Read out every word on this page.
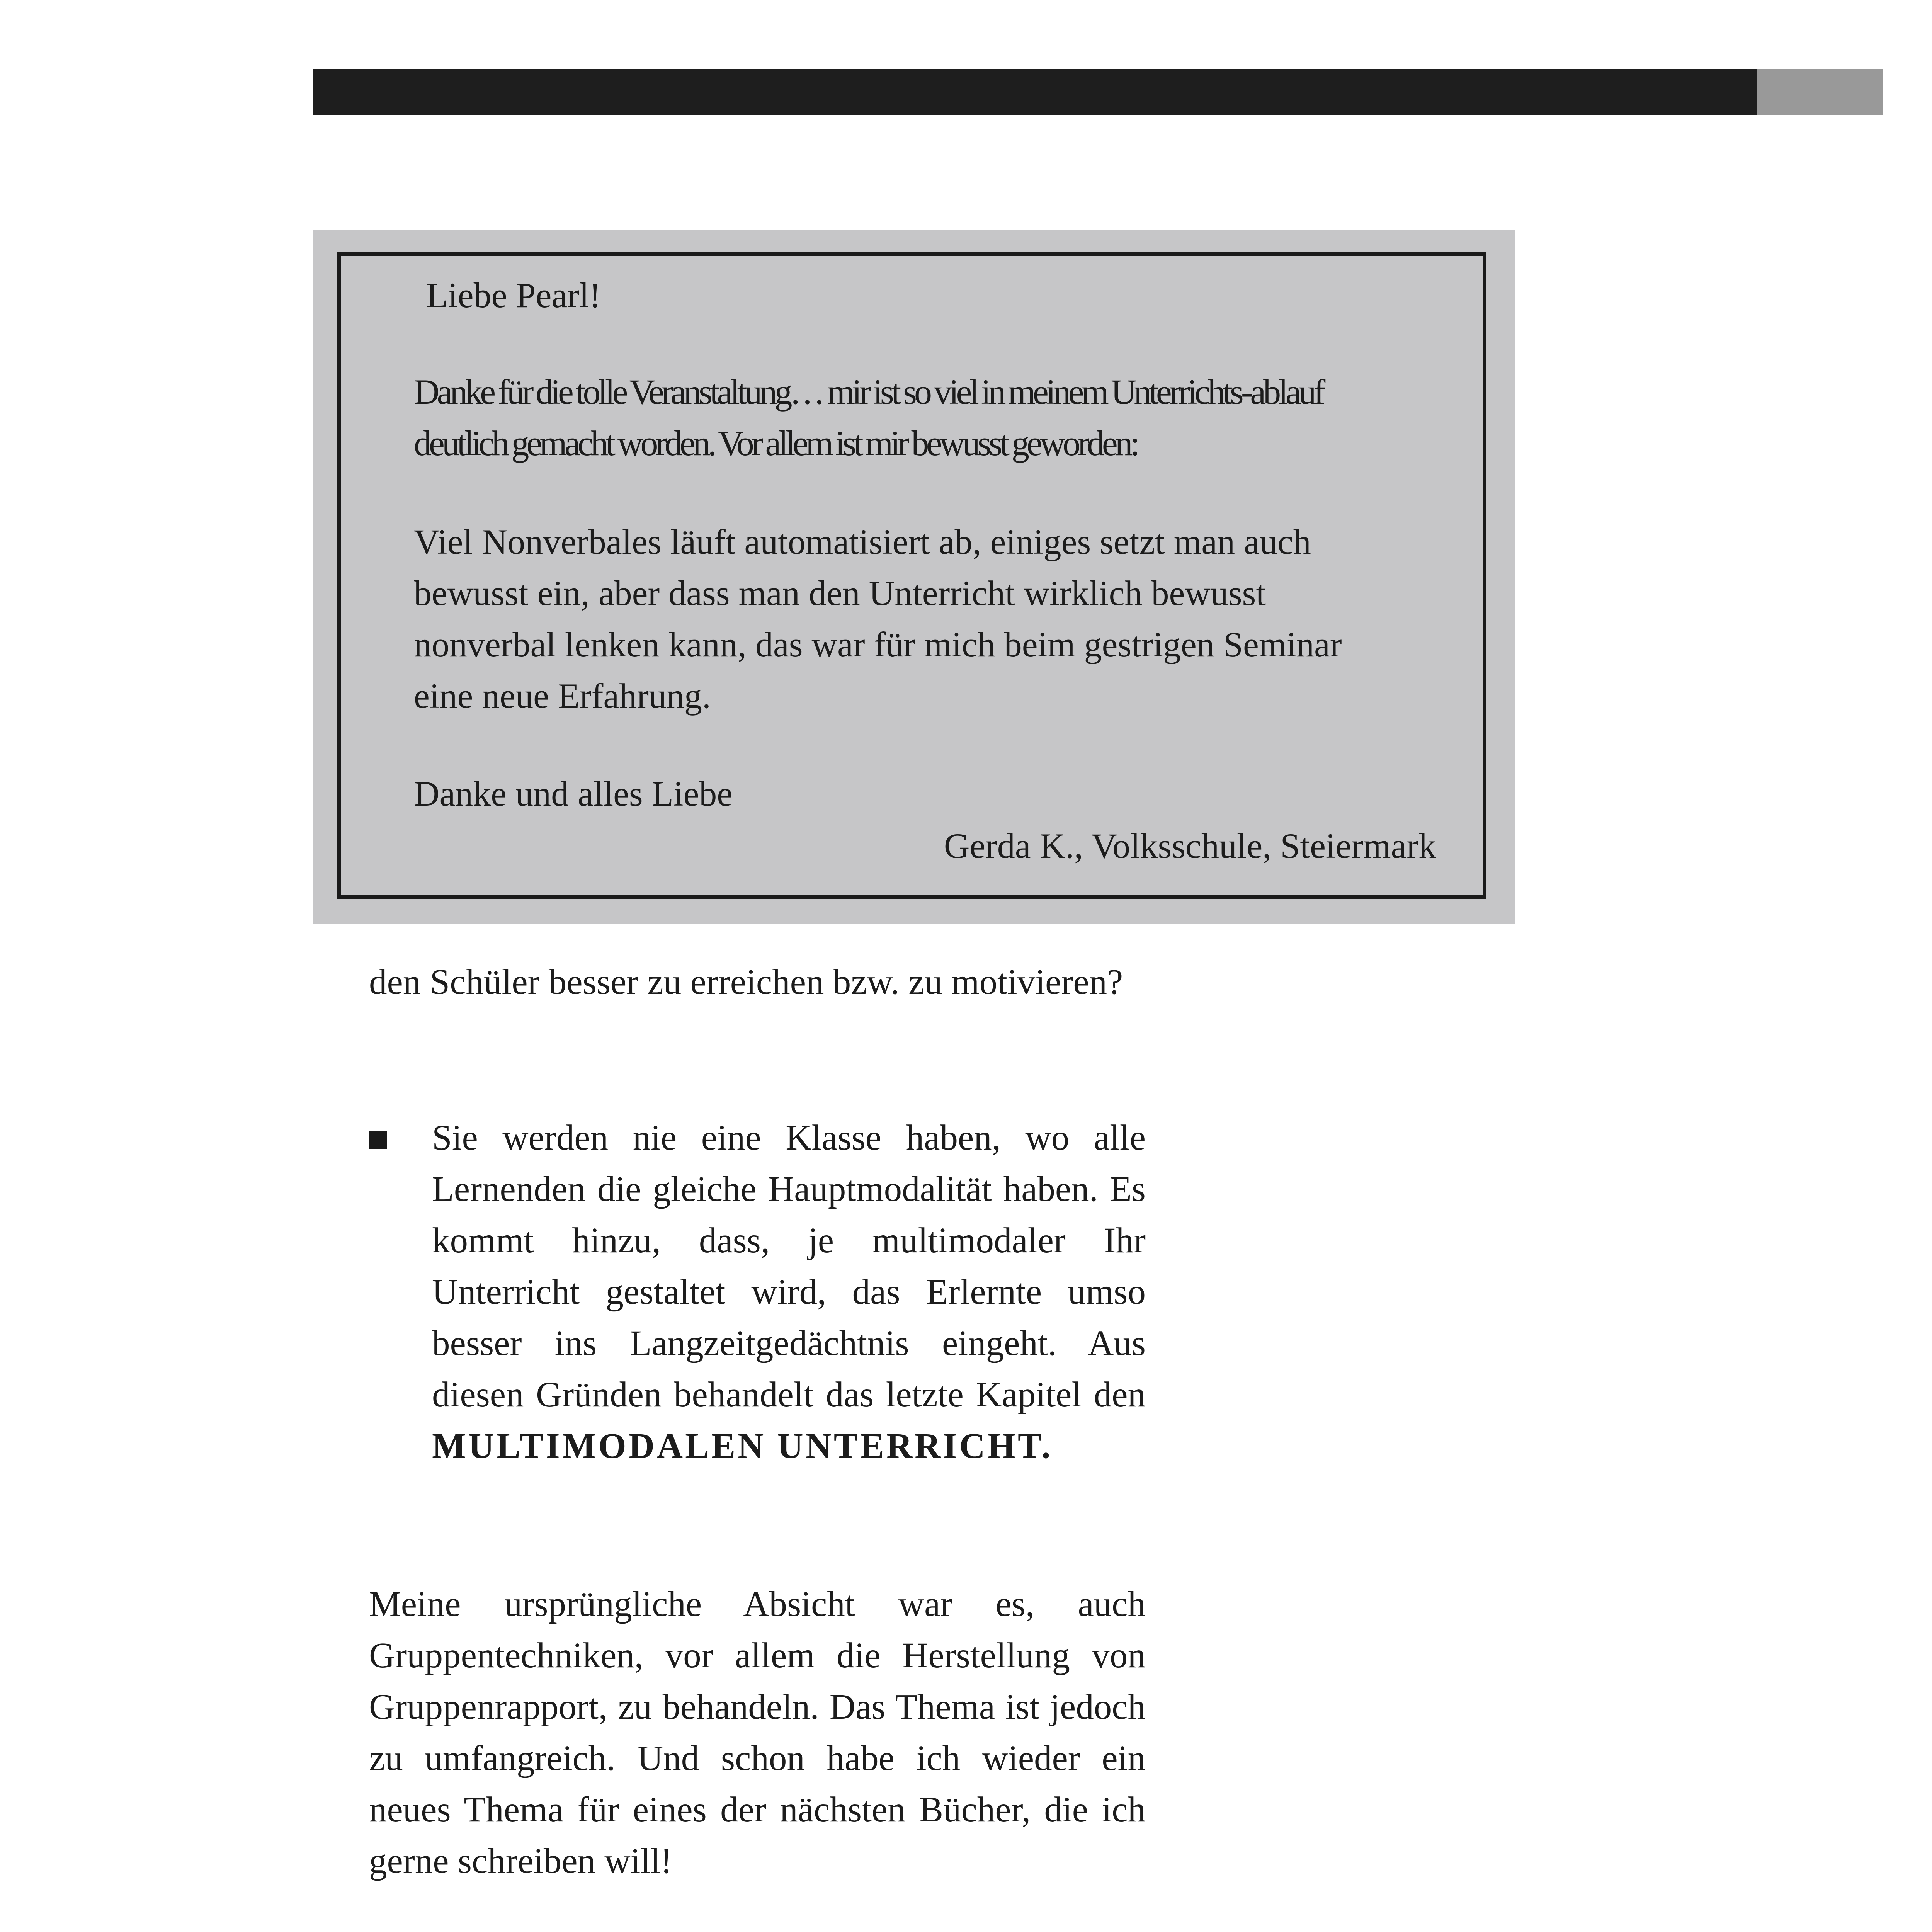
Liebe Pearl!

Danke für die tolle Veranstaltung… mir ist so viel in meinem Unterrichts-ablauf deutlich gemacht worden. Vor allem ist mir bewusst geworden:

Viel Nonverbales läuft automatisiert ab, einiges setzt man auch bewusst ein, aber dass man den Unterricht wirklich bewusst nonverbal lenken kann, das war für mich beim gestrigen Seminar eine neue Erfahrung.

Danke und alles Liebe

Gerda K., Volksschule, Steiermark

den Schüler besser zu erreichen bzw. zu motivieren?

Sie werden nie eine Klasse haben, wo alle Lernenden die gleiche Hauptmodalität haben. Es kommt hinzu, dass, je multimodaler Ihr Unterricht gestaltet wird, das Erlernte umso besser ins Langzeitgedächtnis eingeht. Aus diesen Gründen behandelt das letzte Kapitel den MULTIMODALEN UNTERRICHT.

Meine ursprüngliche Absicht war es, auch Gruppentechniken, vor allem die Herstellung von Gruppenrapport, zu behandeln. Das Thema ist jedoch zu umfangreich. Und schon habe ich wieder ein neues Thema für eines der nächsten Bücher, die ich gerne schreiben will!
